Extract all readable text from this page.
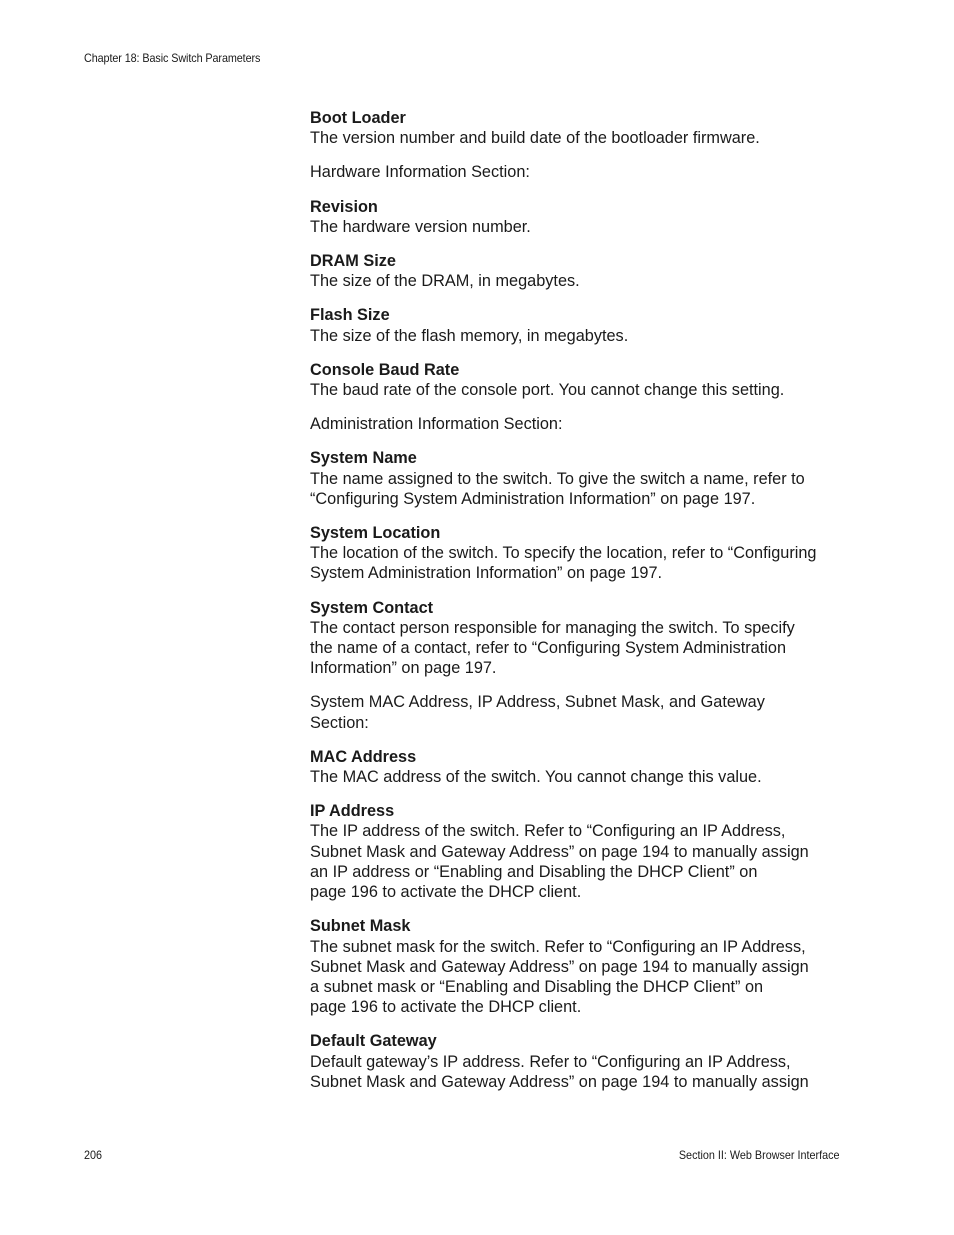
Chapter 18: Basic Switch Parameters
Boot Loader
The version number and build date of the bootloader firmware.
Hardware Information Section:
Revision
The hardware version number.
DRAM Size
The size of the DRAM, in megabytes.
Flash Size
The size of the flash memory, in megabytes.
Console Baud Rate
The baud rate of the console port. You cannot change this setting.
Administration Information Section:
System Name
The name assigned to the switch. To give the switch a name, refer to
“Configuring System Administration Information” on page 197.
System Location
The location of the switch. To specify the location, refer to “Configuring
System Administration Information” on page 197.
System Contact
The contact person responsible for managing the switch. To specify
the name of a contact, refer to “Configuring System Administration
Information” on page 197.
System MAC Address, IP Address, Subnet Mask, and Gateway
Section:
MAC Address
The MAC address of the switch. You cannot change this value.
IP Address
The IP address of the switch. Refer to “Configuring an IP Address,
Subnet Mask and Gateway Address” on page 194 to manually assign
an IP address or “Enabling and Disabling the DHCP Client” on
page 196 to activate the DHCP client.
Subnet Mask
The subnet mask for the switch. Refer to “Configuring an IP Address,
Subnet Mask and Gateway Address” on page 194 to manually assign
a subnet mask or “Enabling and Disabling the DHCP Client” on
page 196 to activate the DHCP client.
Default Gateway
Default gateway’s IP address. Refer to “Configuring an IP Address,
Subnet Mask and Gateway Address” on page 194 to manually assign
206	Section II: Web Browser Interface
